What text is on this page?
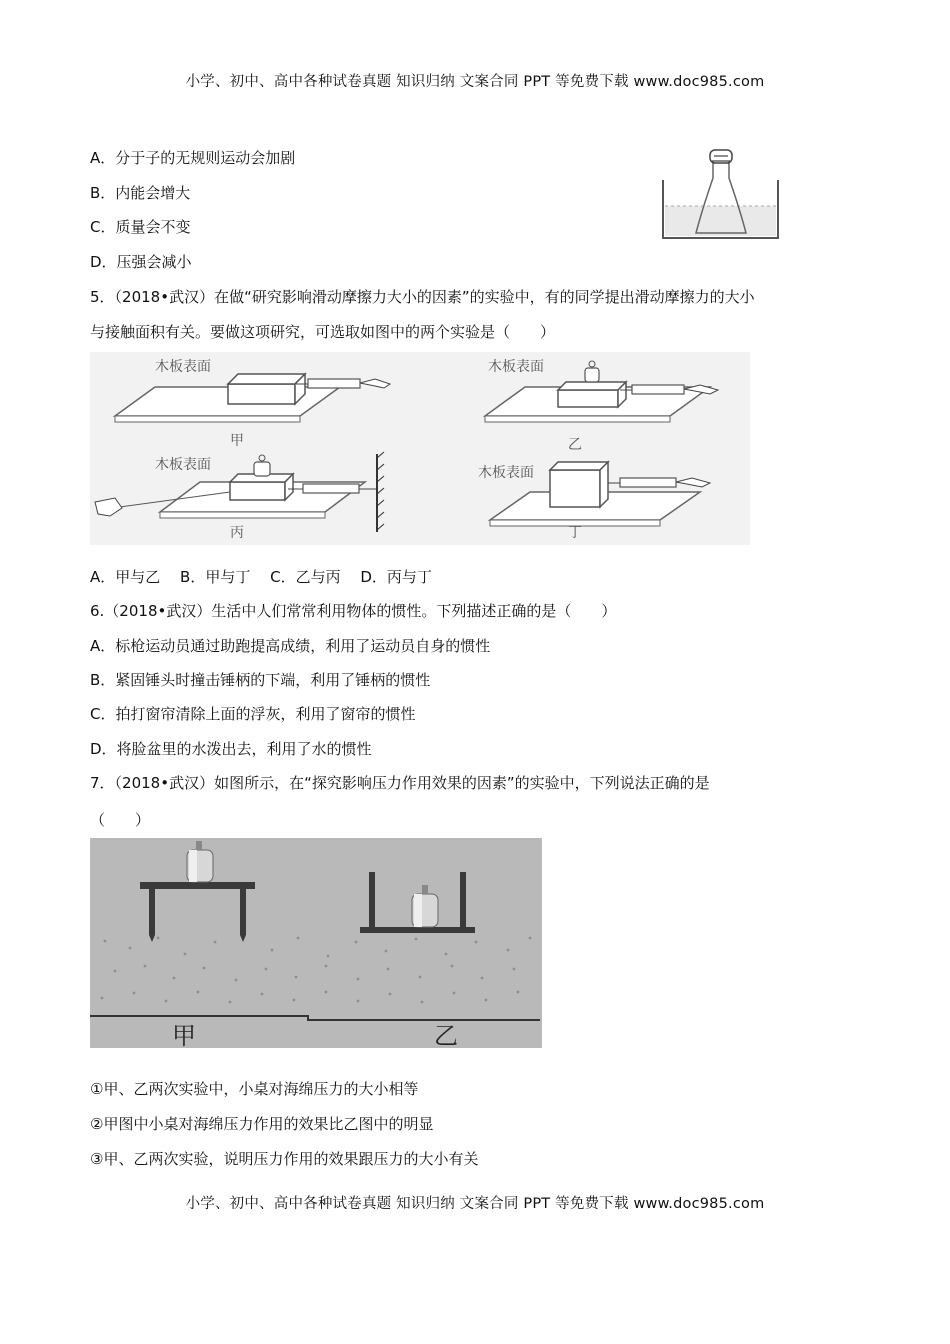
小学、初中、高中各种试卷真题 知识归纳 文案合同 PPT 等免费下载 www.doc985.com
A．分于子的无规则运动会加剧
B．内能会增大
C．质量会不变
D．压强会减小
5．（2018•武汉）在做“研究影响滑动摩擦力大小的因素”的实验中，有的同学提出滑动摩擦力的大小
与接触面积有关。要做这项研究，可选取如图中的两个实验是（　　）
木板表面
甲
木板表面
乙
木板表面
丙
木板表面
丁
A．甲与乙　 B．甲与丁　 C．乙与丙　 D．丙与丁
6.（2018•武汉）生活中人们常常利用物体的惯性。下列描述正确的是（　　）
A．标枪运动员通过助跑提高成绩，利用了运动员自身的惯性
B．紧固锤头时撞击锤柄的下端，利用了锤柄的惯性
C．拍打窗帘清除上面的浮灰，利用了窗帘的惯性
D．将脸盆里的水泼出去，利用了水的惯性
7．（2018•武汉）如图所示，在“探究影响压力作用效果的因素”的实验中，下列说法正确的是
（　　）
甲	乙
①甲、乙两次实验中，小桌对海绵压力的大小相等
②甲图中小桌对海绵压力作用的效果比乙图中的明显
③甲、乙两次实验，说明压力作用的效果跟压力的大小有关
小学、初中、高中各种试卷真题 知识归纳 文案合同 PPT 等免费下载 www.doc985.com
